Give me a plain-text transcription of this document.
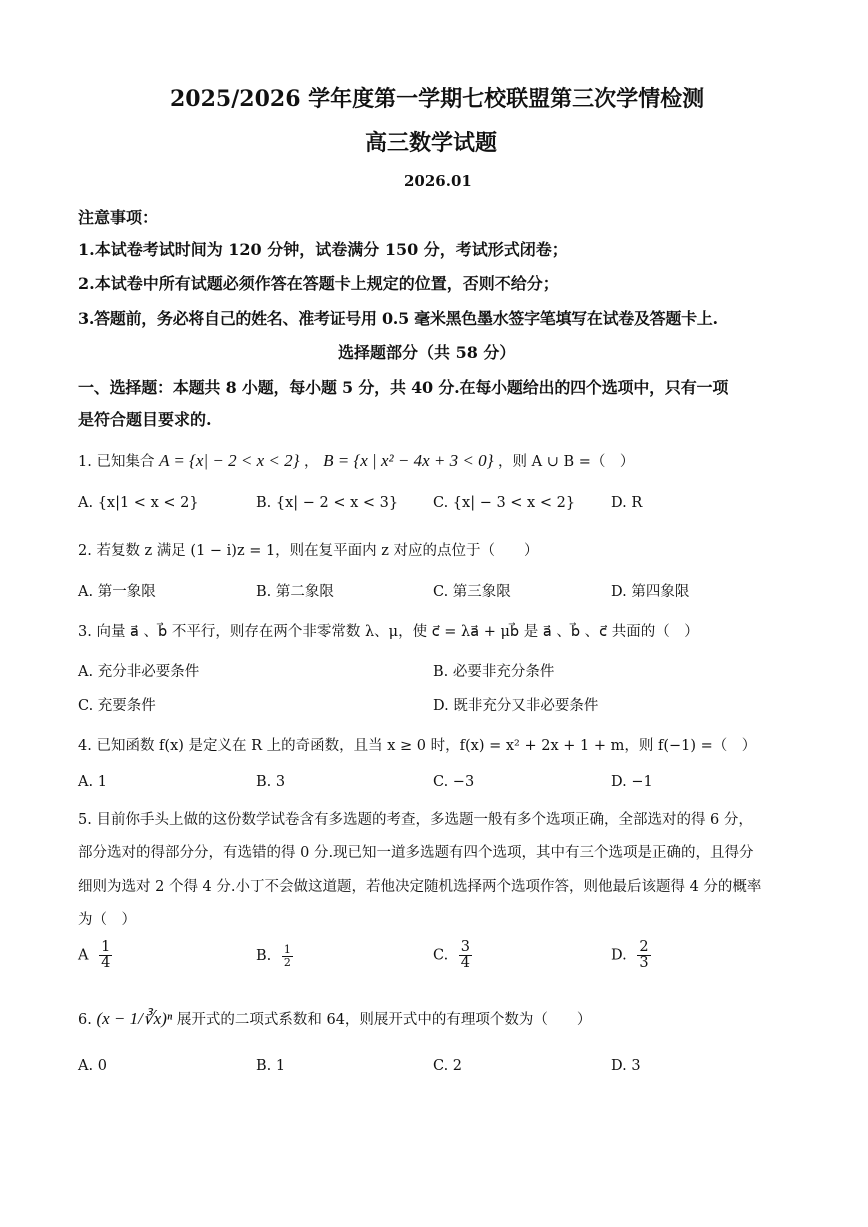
2025/2026 学年度第一学期七校联盟第三次学情检测
高三数学试题
2026.01
注意事项：
1.本试卷考试时间为 120 分钟，试卷满分 150 分，考试形式闭卷；
2.本试卷中所有试题必须作答在答题卡上规定的位置，否则不给分；
3.答题前，务必将自己的姓名、准考证号用 0.5 毫米黑色墨水签字笔填写在试卷及答题卡上.
选择题部分（共 58 分）
一、选择题：本题共 8 小题，每小题 5 分，共 40 分.在每小题给出的四个选项中，只有一项
是符合题目要求的.
1. 已知集合 A = {x| − 2 < x < 2} ， B = {x | x² − 4x + 3 < 0} ，则 A ∪ B =（　）
A. {x|1 < x < 2}	B. {x| − 2 < x < 3} C. {x| − 3 < x < 2} D. R
2. 若复数 z 满足 (1 − i)z = 1，则在复平面内 z 对应的点位于（　　）
A. 第一象限	B. 第二象限	C. 第三象限	D. 第四象限
3. 向量 a⃗ 、b⃗ 不平行，则存在两个非零常数 λ、μ，使 c⃗ = λa⃗ + μb⃗ 是 a⃗ 、b⃗ 、c⃗ 共面的（　）
A. 充分非必要条件	B. 必要非充分条件
C. 充要条件	D. 既非充分又非必要条件
4. 已知函数 f(x) 是定义在 R 上的奇函数，且当 x ≥ 0 时，f(x) = x² + 2x + 1 + m，则 f(−1) =（　）
A. 1	B. 3	C. −3	D. −1
5. 目前你手头上做的这份数学试卷含有多选题的考查，多选题一般有多个选项正确，全部选对的得 6 分，
部分选对的得部分分，有选错的得 0 分.现已知一道多选题有四个选项，其中有三个选项是正确的，且得分
细则为选对 2 个得 4 分.小丁不会做这道题，若他决定随机选择两个选项作答，则他最后该题得 4 分的概率
为（　）
A $\frac{1}{4}$	B. $\frac{1}{2}$	C. $\frac{3}{4}$	D. $\frac{2}{3}$
6. (x − 1/∛x)ⁿ 展开式的二项式系数和 64，则展开式中的有理项个数为（　　）
A. 0	B. 1	C. 2	D. 3
